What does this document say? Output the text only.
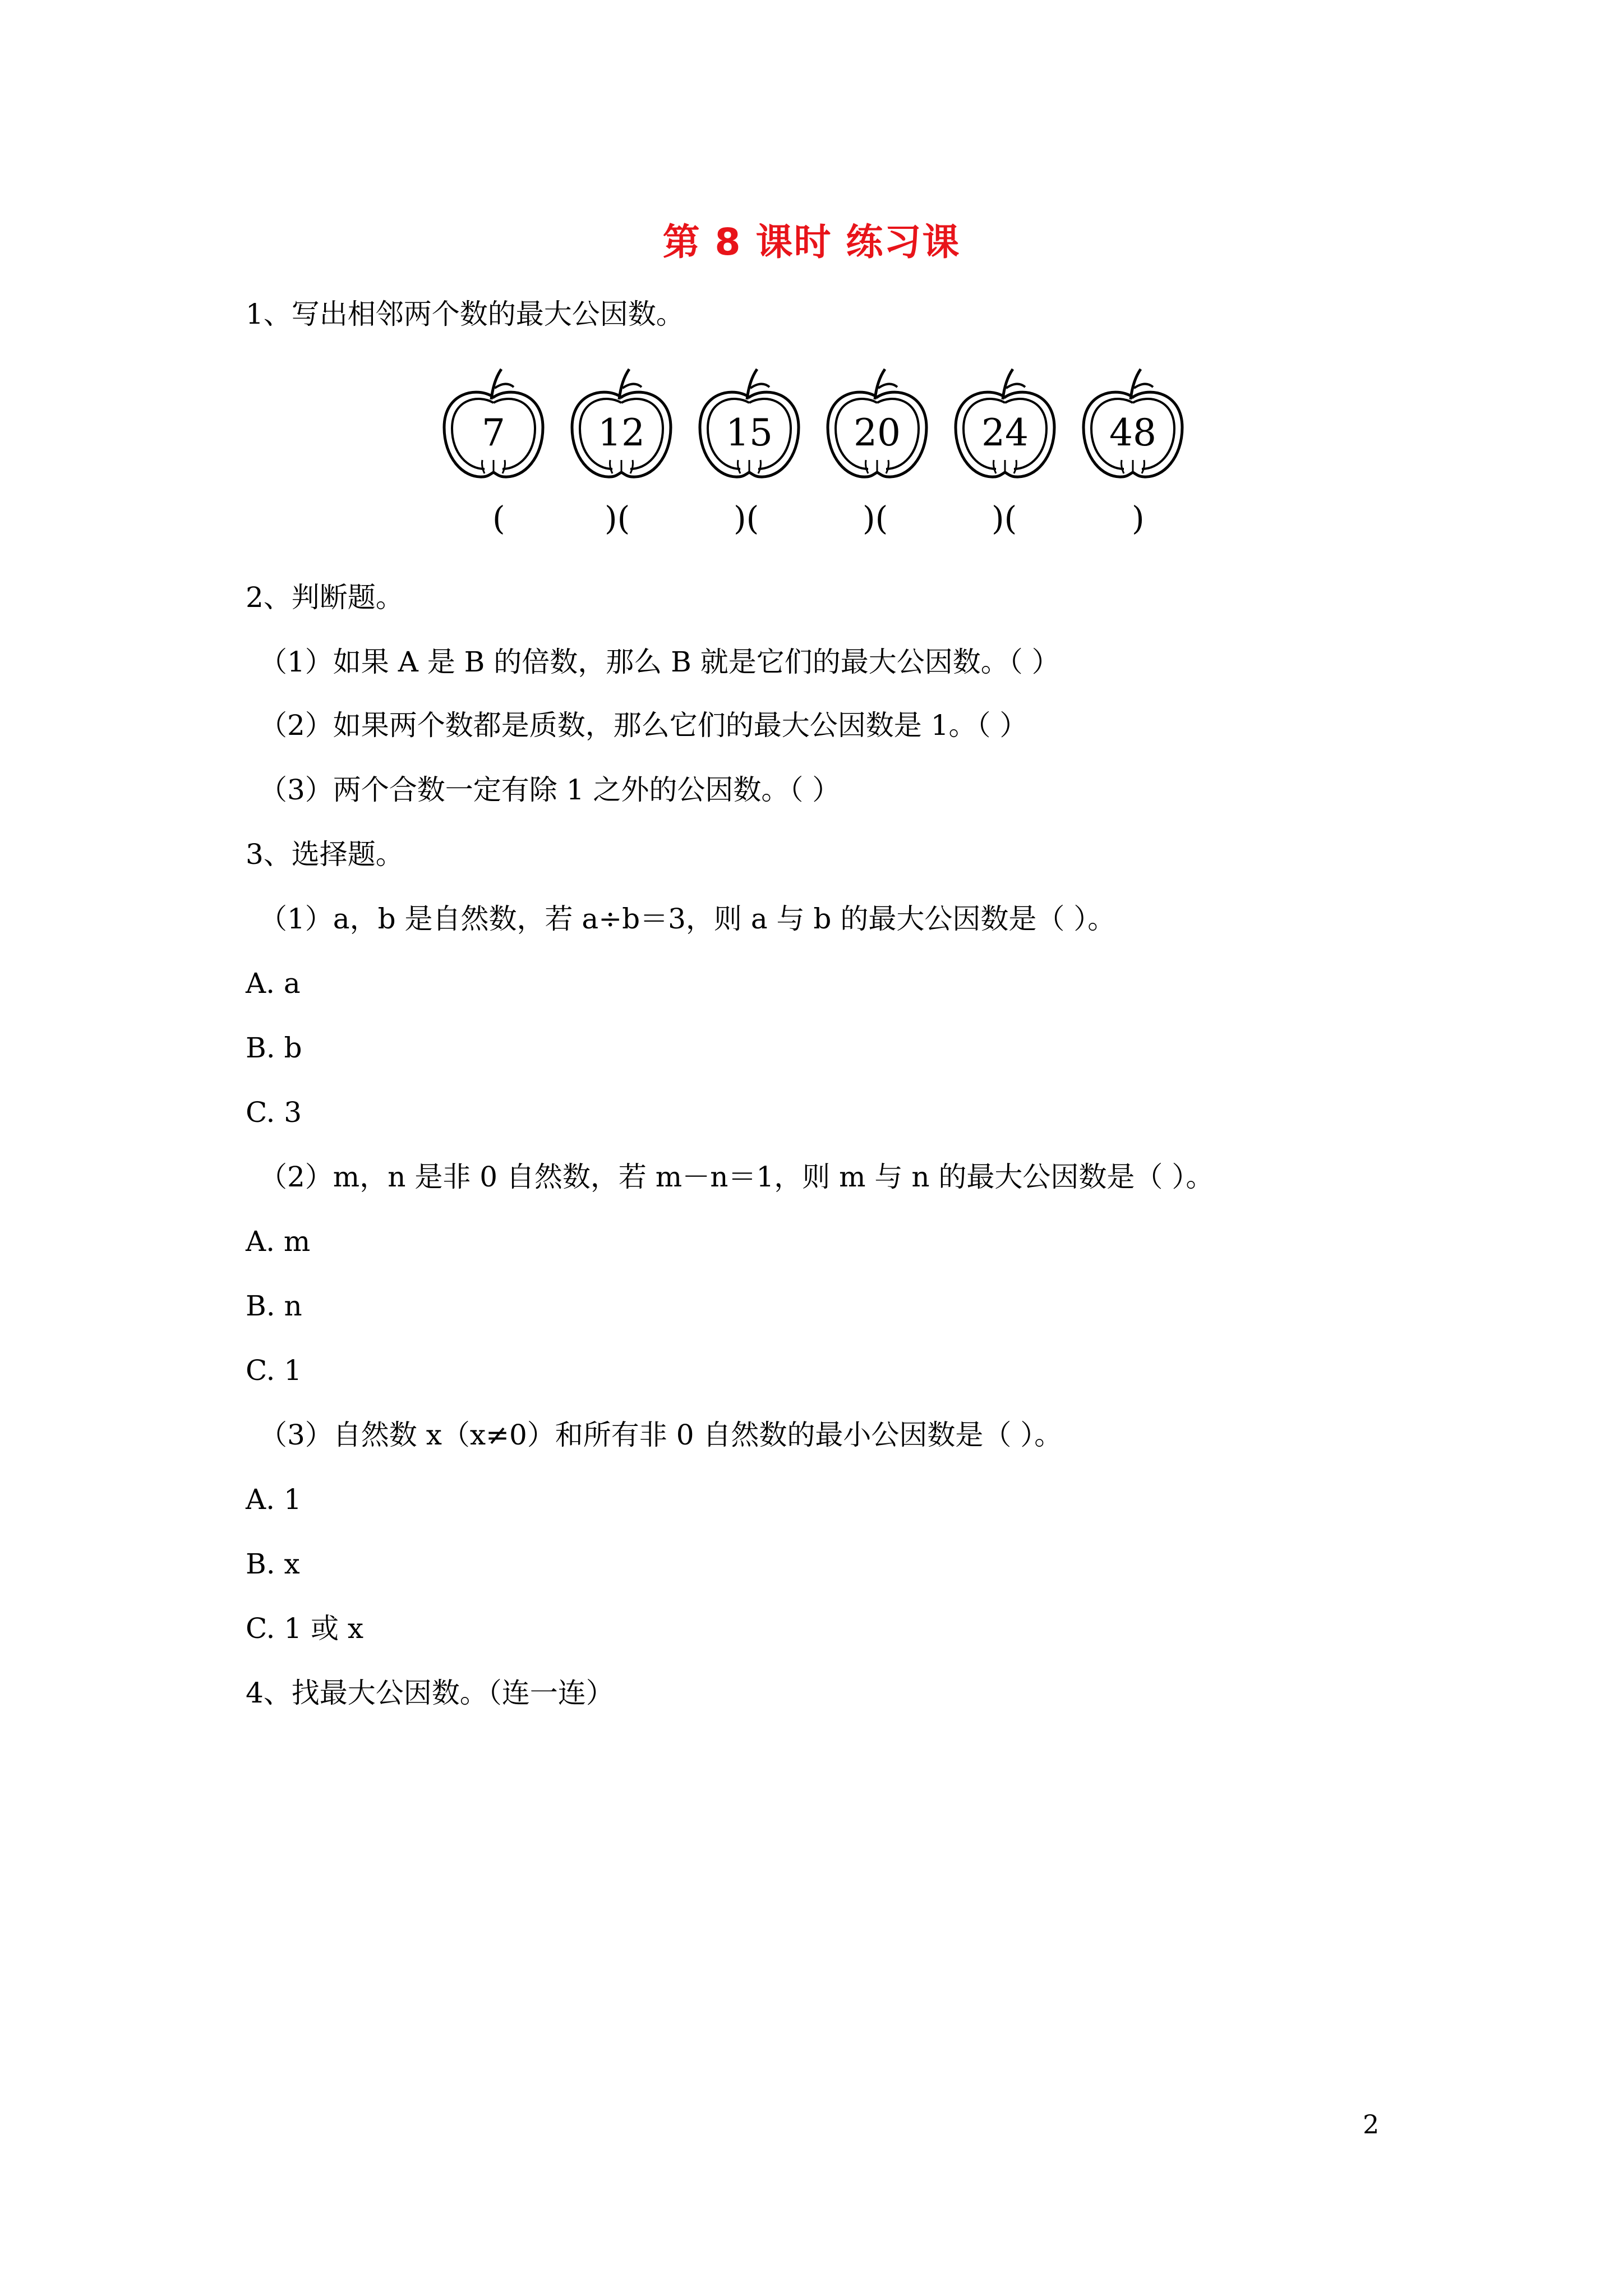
第 8 课时 练习课
1、写出相邻两个数的最大公因数。
7	12 15 20 24 48
(	)(	)(	)(	)(	)
2、判断题。
（1）如果 A 是 B 的倍数，那么 B 就是它们的最大公因数。（ ）
（2）如果两个数都是质数，那么它们的最大公因数是 1。（ ）
（3）两个合数一定有除 1 之外的公因数。（ ）
3、选择题。
（1）a，b 是自然数，若 a÷b＝3，则 a 与 b 的最大公因数是（ ）。
A. a
B. b
C. 3
（2）m，n 是非 0 自然数，若 m－n＝1，则 m 与 n 的最大公因数是（ ）。
A. m
B. n
C. 1
（3）自然数 x（x≠0）和所有非 0 自然数的最小公因数是（ ）。
A. 1
B. x
C. 1 或 x
4、找最大公因数。（连一连）
2
